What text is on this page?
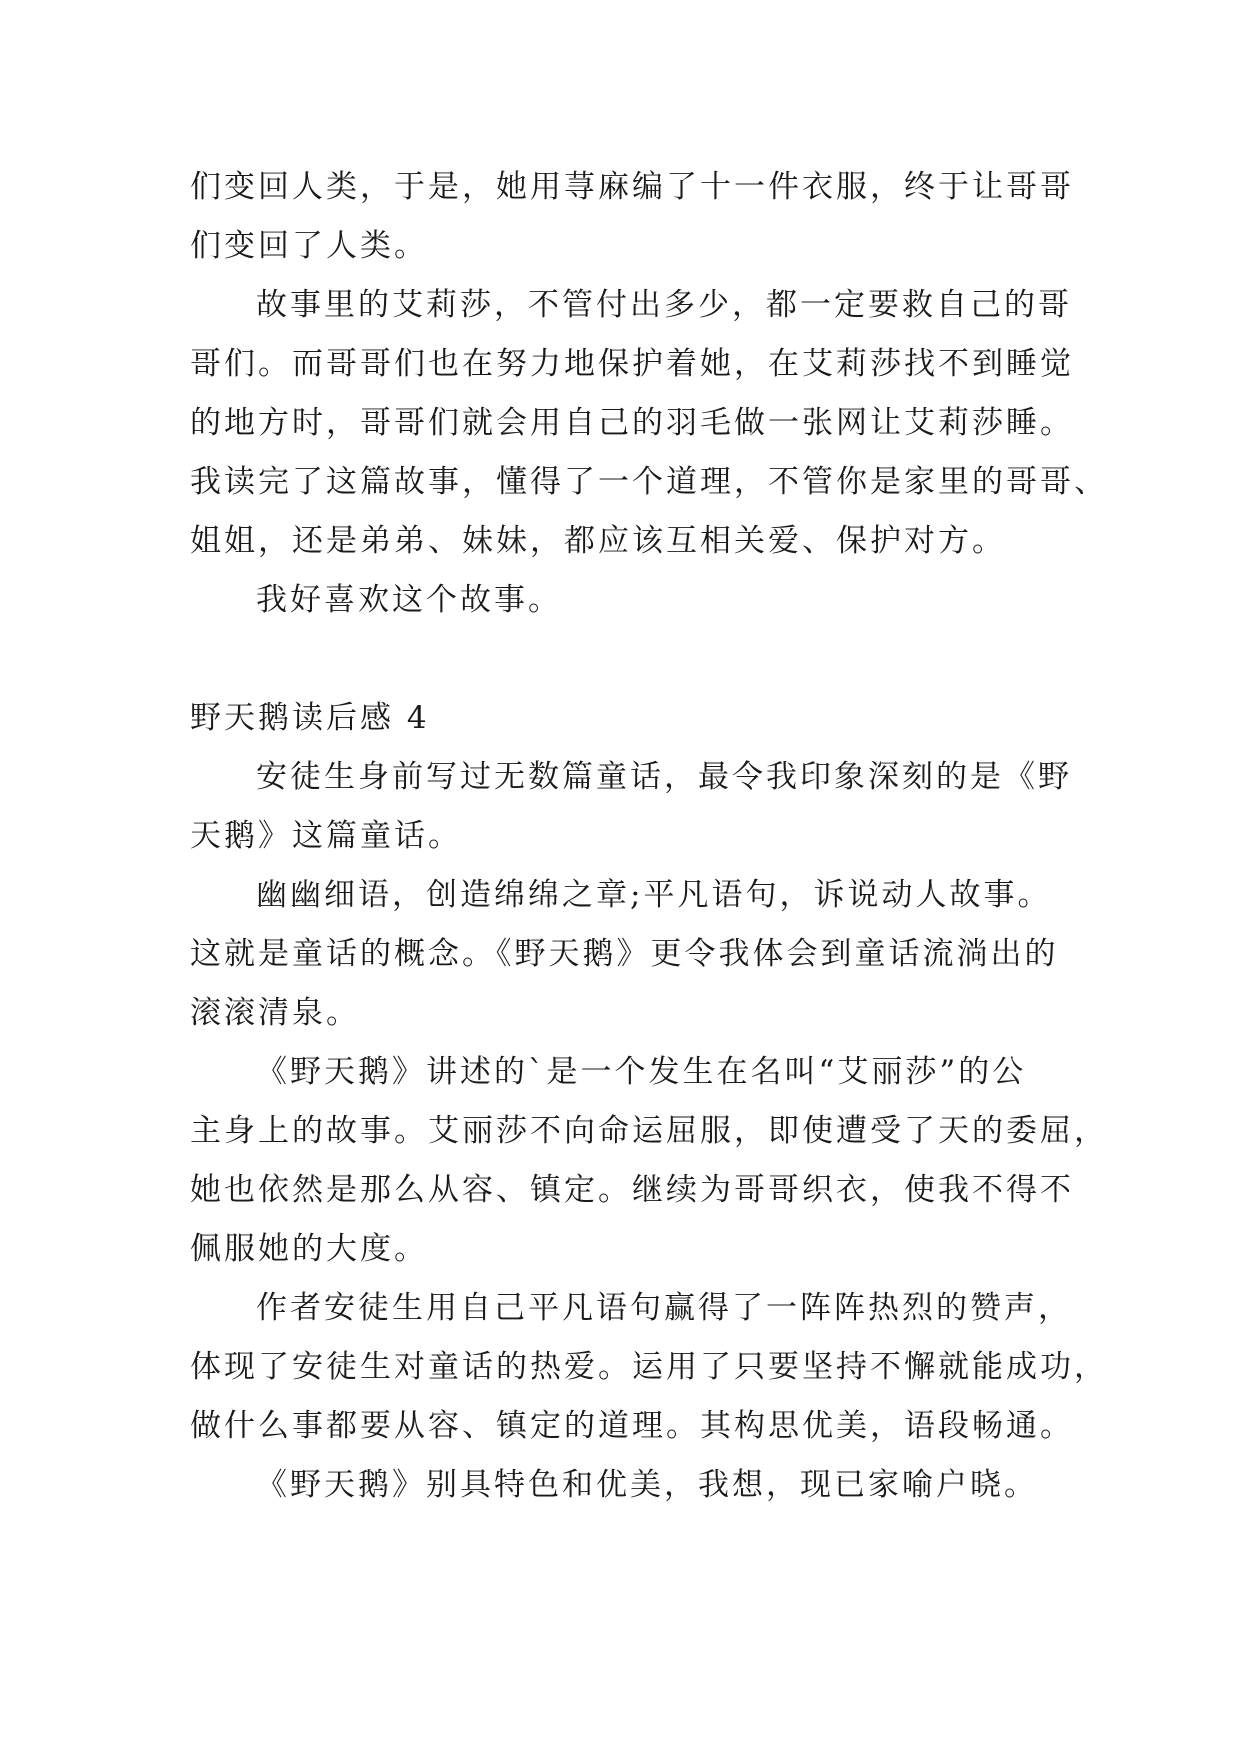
们变回人类，于是，她用荨麻编了十一件衣服，终于让哥哥
们变回了人类。
故事里的艾莉莎，不管付出多少，都一定要救自己的哥
哥们。而哥哥们也在努力地保护着她，在艾莉莎找不到睡觉
的地方时，哥哥们就会用自己的羽毛做一张网让艾莉莎睡。
我读完了这篇故事，懂得了一个道理，不管你是家里的哥哥、
姐姐，还是弟弟、妹妹，都应该互相关爱、保护对方。
我好喜欢这个故事。
野天鹅读后感 4
安徒生身前写过无数篇童话，最令我印象深刻的是《野
天鹅》这篇童话。
幽幽细语，创造绵绵之章;平凡语句，诉说动人故事。
这就是童话的概念。《野天鹅》更令我体会到童话流淌出的
滚滚清泉。
《野天鹅》讲述的`是一个发生在名叫“艾丽莎”的公
主身上的故事。艾丽莎不向命运屈服，即使遭受了天的委屈，
她也依然是那么从容、镇定。继续为哥哥织衣，使我不得不
佩服她的大度。
作者安徒生用自己平凡语句赢得了一阵阵热烈的赞声，
体现了安徒生对童话的热爱。运用了只要坚持不懈就能成功，
做什么事都要从容、镇定的道理。其构思优美，语段畅通。
《野天鹅》别具特色和优美，我想，现已家喻户晓。
